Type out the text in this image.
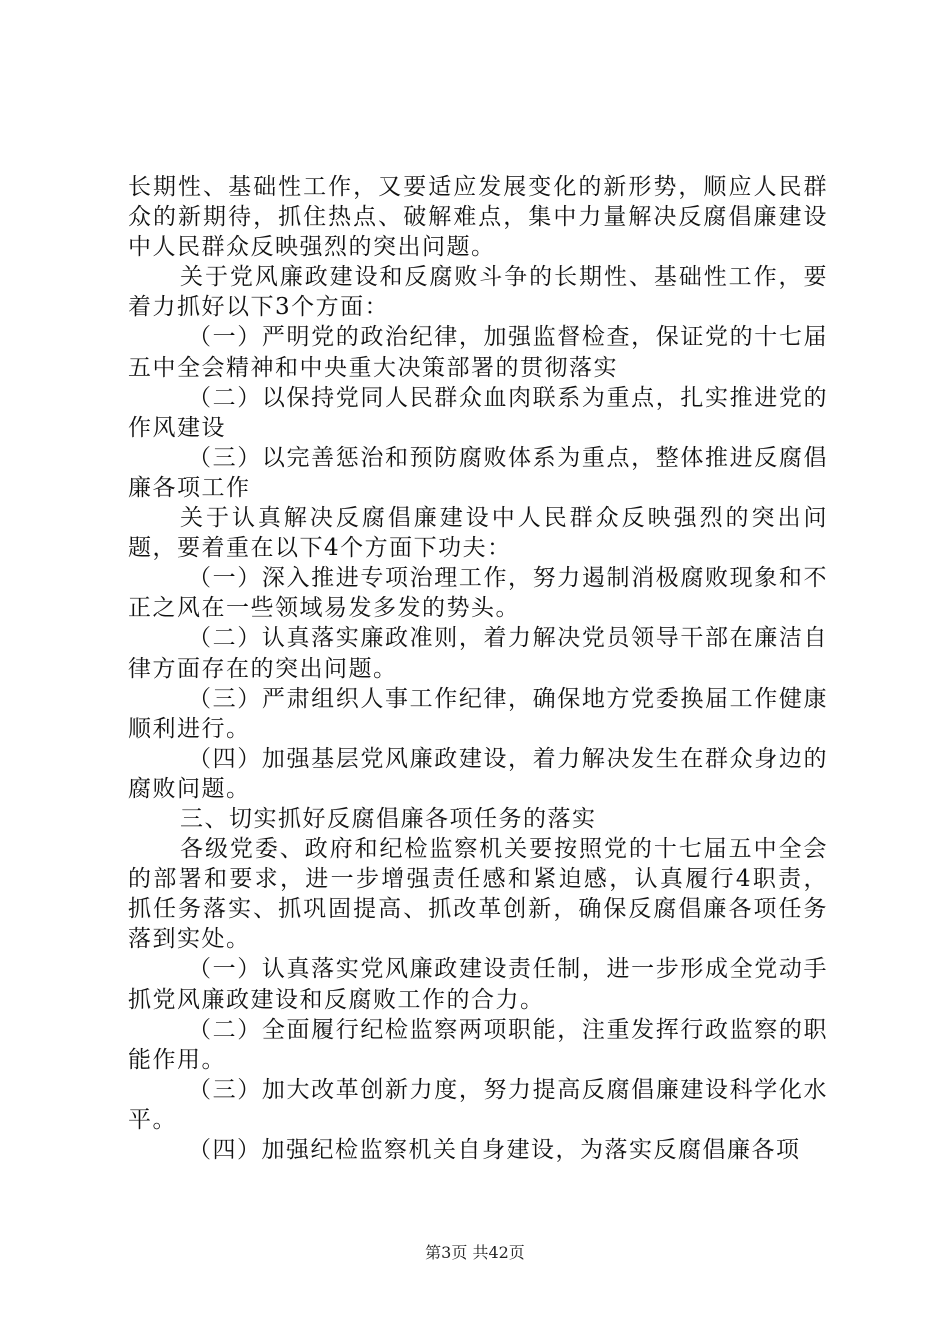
长期性、基础性工作，又要适应发展变化的新形势，顺应人民群众的新期待，抓住热点、破解难点，集中力量解决反腐倡廉建设中人民群众反映强烈的突出问题。

关于党风廉政建设和反腐败斗争的长期性、基础性工作，要着力抓好以下3个方面：

（一）严明党的政治纪律，加强监督检查，保证党的十七届五中全会精神和中央重大决策部署的贯彻落实

（二）以保持党同人民群众血肉联系为重点，扎实推进党的作风建设

（三）以完善惩治和预防腐败体系为重点，整体推进反腐倡廉各项工作

关于认真解决反腐倡廉建设中人民群众反映强烈的突出问题，要着重在以下4个方面下功夫：

（一）深入推进专项治理工作，努力遏制消极腐败现象和不正之风在一些领域易发多发的势头。

（二）认真落实廉政准则，着力解决党员领导干部在廉洁自律方面存在的突出问题。

（三）严肃组织人事工作纪律，确保地方党委换届工作健康顺利进行。

（四）加强基层党风廉政建设，着力解决发生在群众身边的腐败问题。

三、切实抓好反腐倡廉各项任务的落实

各级党委、政府和纪检监察机关要按照党的十七届五中全会的部署和要求，进一步增强责任感和紧迫感，认真履行4职责，抓任务落实、抓巩固提高、抓改革创新，确保反腐倡廉各项任务落到实处。

（一）认真落实党风廉政建设责任制，进一步形成全党动手抓党风廉政建设和反腐败工作的合力。

（二）全面履行纪检监察两项职能，注重发挥行政监察的职能作用。

（三）加大改革创新力度，努力提高反腐倡廉建设科学化水平。

（四）加强纪检监察机关自身建设，为落实反腐倡廉各项

第3页 共42页
